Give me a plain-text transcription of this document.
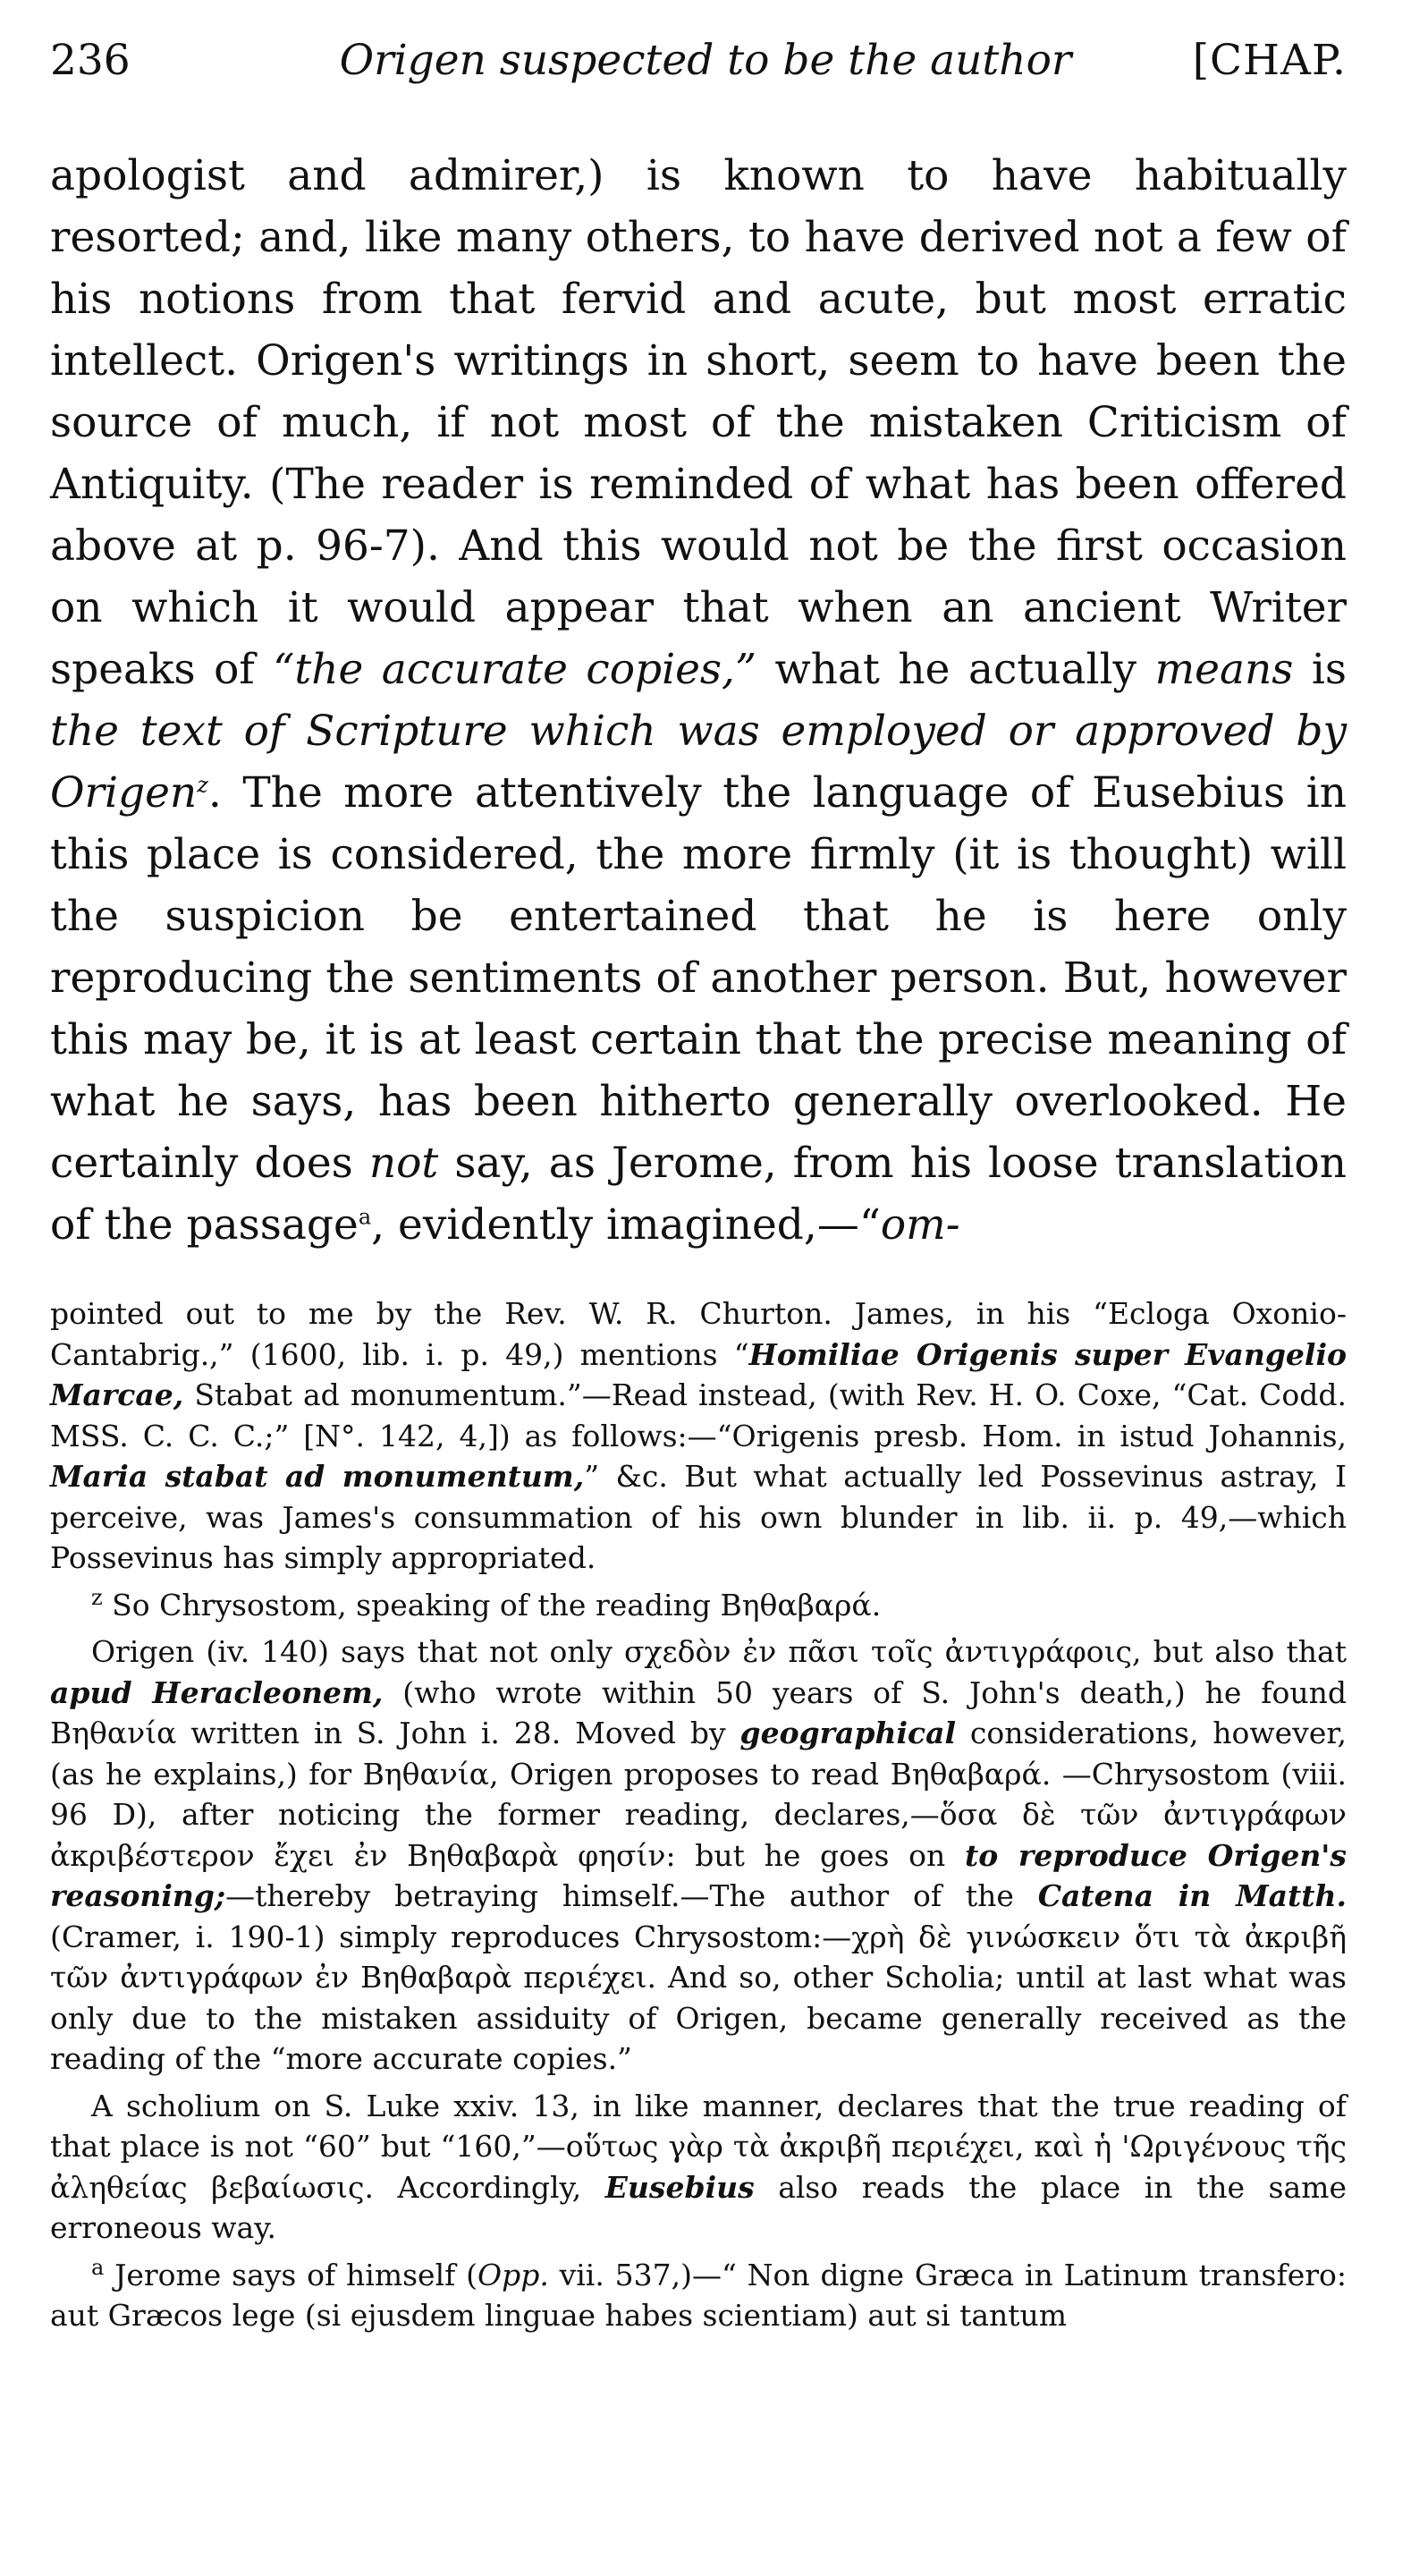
236	Origen suspected to be the author	[CHAP.

apologist and admirer,) is known to have habitually resorted; and, like many others, to have derived not a few of his notions from that fervid and acute, but most erratic intellect. Origen's writings in short, seem to have been the source of much, if not most of the mistaken Criticism of Antiquity. (The reader is reminded of what has been offered above at p. 96-7). And this would not be the first occasion on which it would appear that when an ancient Writer speaks of “the accurate copies,” what he actually means is the text of Scripture which was employed or approved by Origen$^z$. The more attentively the language of Eusebius in this place is considered, the more firmly (it is thought) will the suspicion be entertained that he is here only reproducing the sentiments of another person. But, however this may be, it is at least certain that the precise meaning of what he says, has been hitherto generally overlooked. He certainly does not say, as Jerome, from his loose translation of the passage$^a$, evidently imagined,—“om-

pointed out to me by the Rev. W. R. Churton. James, in his “Ecloga Oxonio-Cantabrig.,” (1600, lib. i. p. 49,) mentions “Homiliae Origenis super Evangelio Marcae, Stabat ad monumentum.”—Read instead, (with Rev. H. O. Coxe, “Cat. Codd. MSS. C. C. C.;” [N°. 142, 4,]) as follows:—“Origenis presb. Hom. in istud Johannis, Maria stabat ad monumentum,” &c. But what actually led Possevinus astray, I perceive, was James's consummation of his own blunder in lib. ii. p. 49,—which Possevinus has simply appropriated.

$^z$ So Chrysostom, speaking of the reading Βηθαβαρά.

Origen (iv. 140) says that not only σχεδὸν ἐν πᾶσι τοῖς ἀντιγράφοις, but also that apud Heracleonem, (who wrote within 50 years of S. John's death,) he found Βηθανία written in S. John i. 28. Moved by geographical considerations, however, (as he explains,) for Βηθανία, Origen proposes to read Βηθαβαρά. —Chrysostom (viii. 96 D), after noticing the former reading, declares,—ὅσα δὲ τῶν ἀντιγράφων ἀκριβέστερον ἔχει ἐν Βηθαβαρὰ φησίν: but he goes on to reproduce Origen's reasoning;—thereby betraying himself.—The author of the Catena in Matth. (Cramer, i. 190-1) simply reproduces Chrysostom:—χρὴ δὲ γινώσκειν ὅτι τὰ ἀκριβῆ τῶν ἀντιγράφων ἐν Βηθαβαρὰ περιέχει. And so, other Scholia; until at last what was only due to the mistaken assiduity of Origen, became generally received as the reading of the “more accurate copies.”

A scholium on S. Luke xxiv. 13, in like manner, declares that the true reading of that place is not “60” but “160,”—οὕτως γὰρ τὰ ἀκριβῆ περιέχει, καὶ ἡ 'Ωριγένους τῆς ἀληθείας βεβαίωσις. Accordingly, Eusebius also reads the place in the same erroneous way.

$^a$ Jerome says of himself (Opp. vii. 537,)—“ Non digne Græca in Latinum transfero: aut Græcos lege (si ejusdem linguae habes scientiam) aut si tantum
